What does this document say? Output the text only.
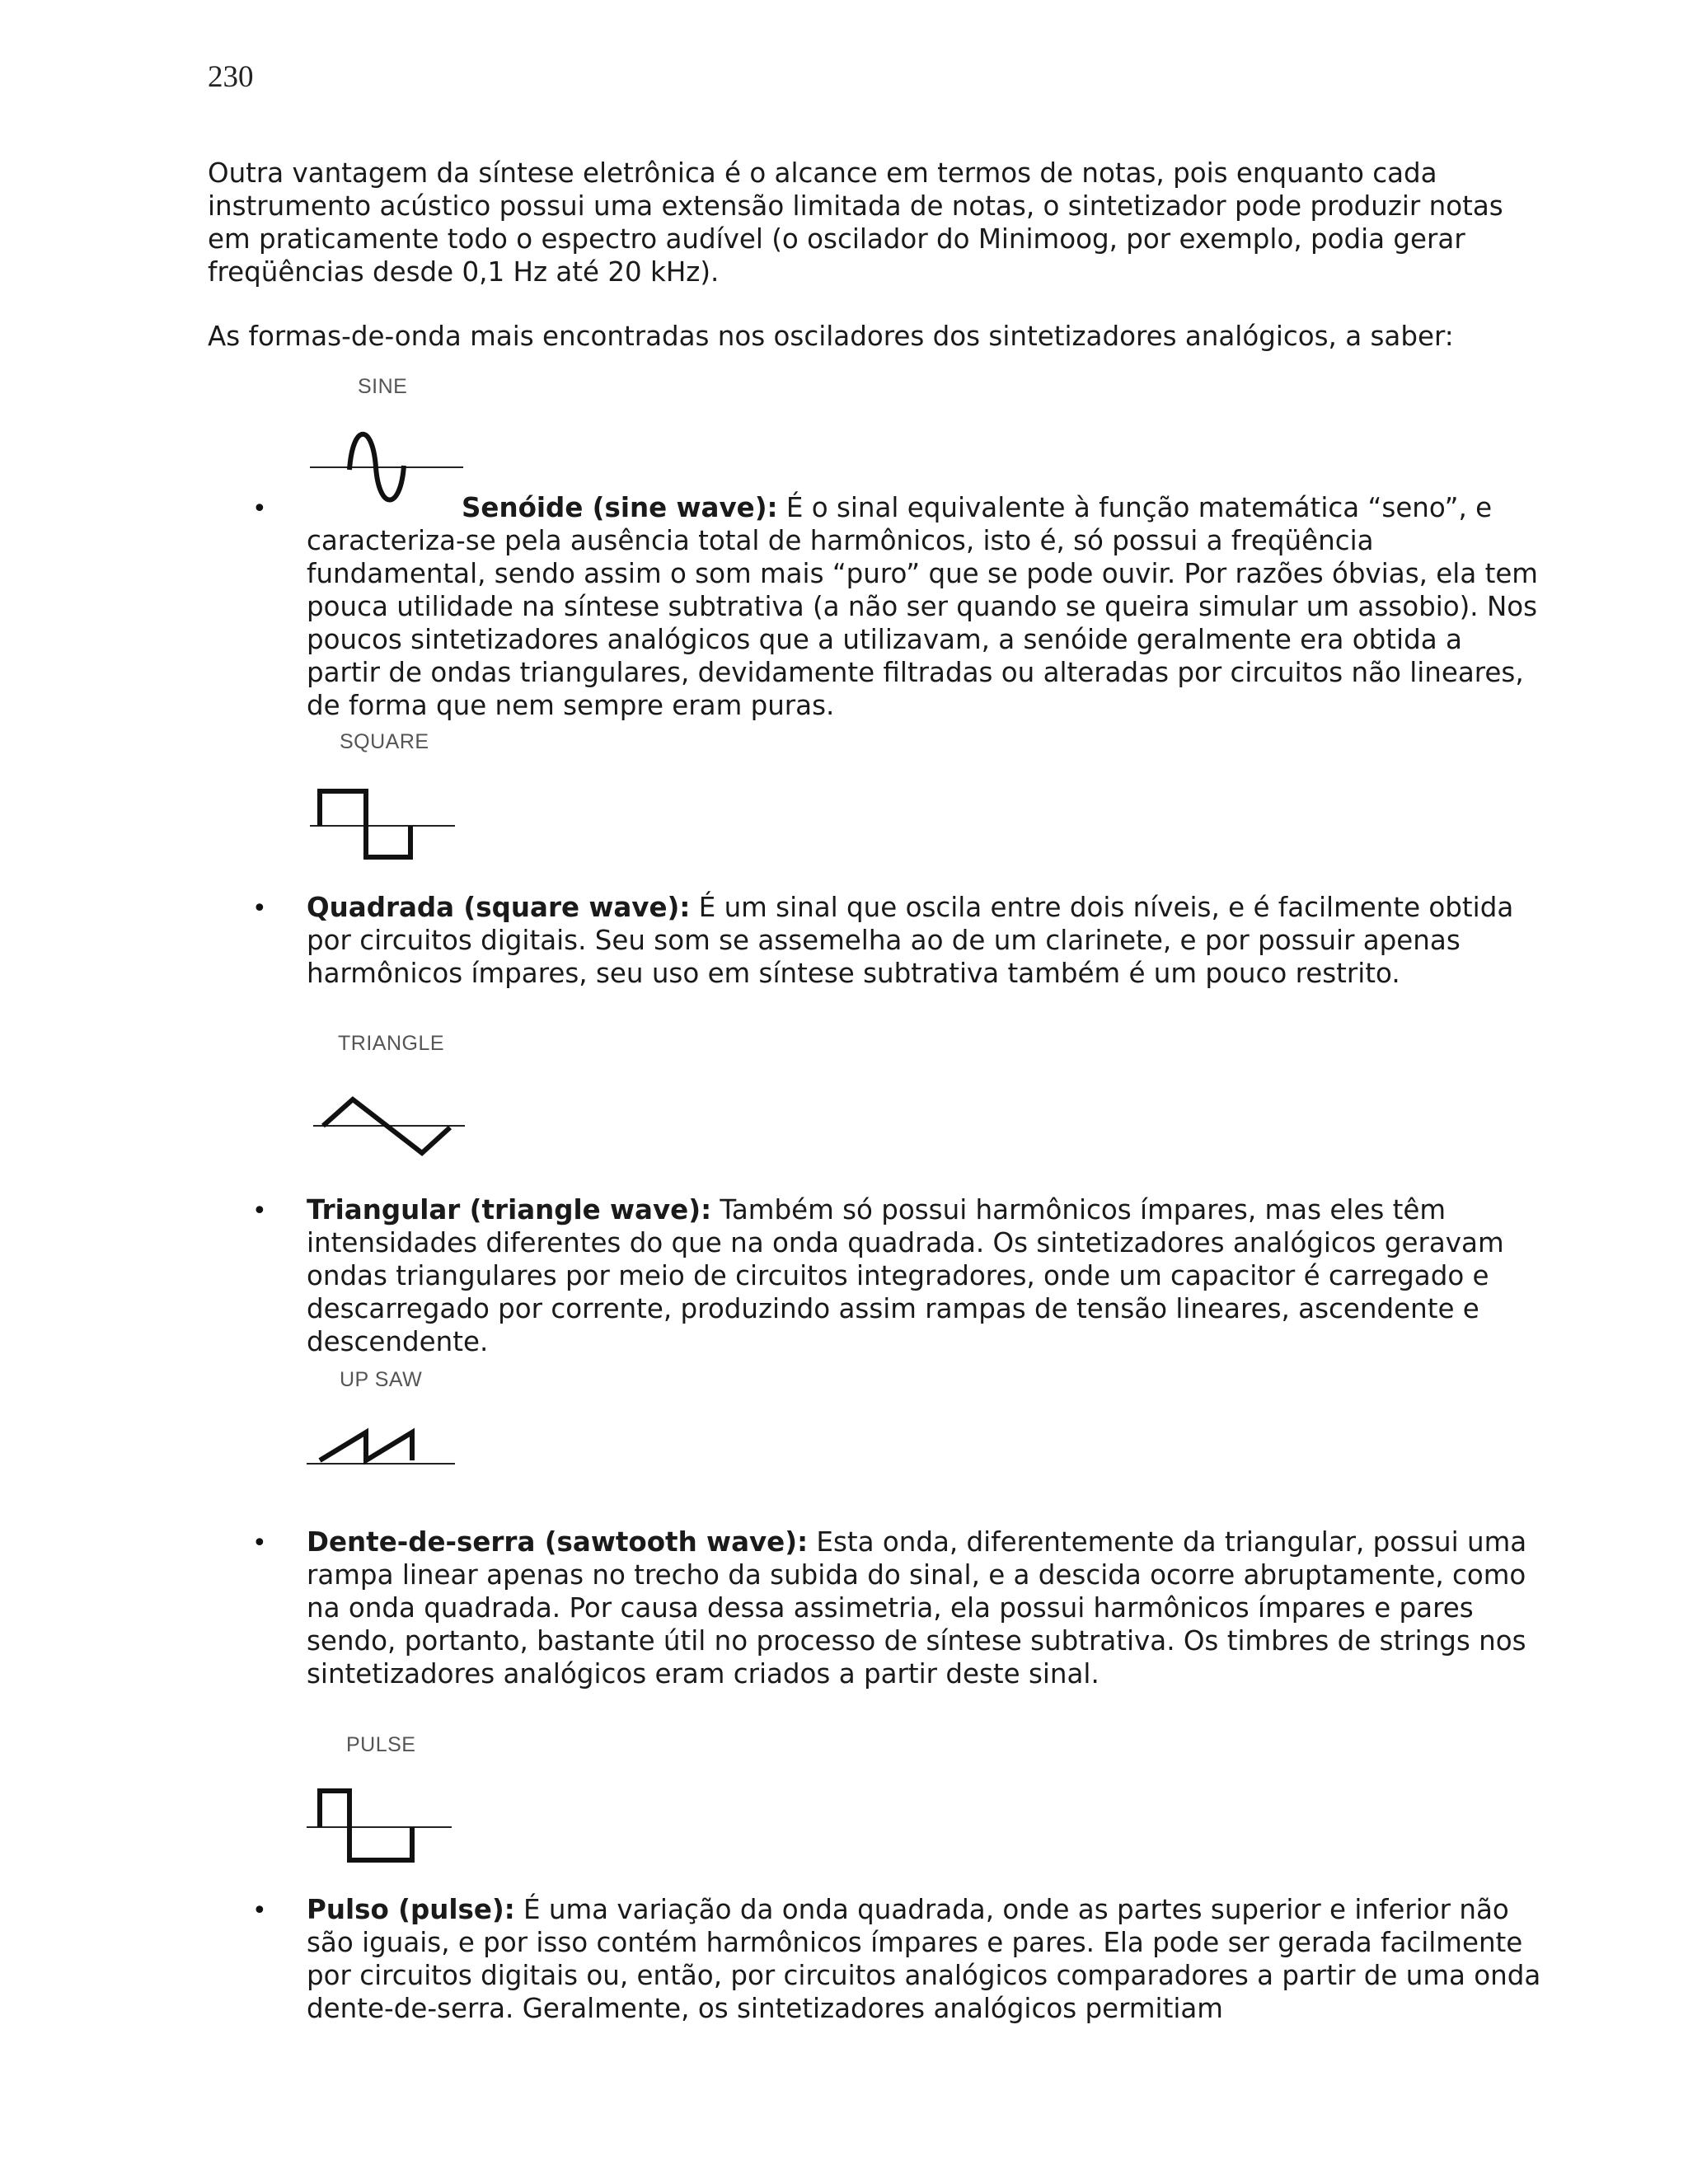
230
Outra vantagem da síntese eletrônica é o alcance em termos de notas, pois enquanto cada instrumento acústico possui uma extensão limitada de notas, o sintetizador pode produzir notas em praticamente todo o espectro audível (o oscilador do Minimoog, por exemplo, podia gerar freqüências desde 0,1 Hz até 20 kHz).
As formas-de-onda mais encontradas nos osciladores dos sintetizadores analógicos, a saber:
SINE
•	Senóide (sine wave): É o sinal equivalente à função matemática “seno”, e caracteriza-se pela ausência total de harmônicos, isto é, só possui a freqüência fundamental, sendo assim o som mais “puro” que se pode ouvir. Por razões óbvias, ela tem pouca utilidade na síntese subtrativa (a não ser quando se queira simular um assobio). Nos poucos sintetizadores analógicos que a utilizavam, a senóide geralmente era obtida a partir de ondas triangulares, devidamente filtradas ou alteradas por circuitos não lineares, de forma que nem sempre eram puras.
SQUARE
• Quadrada (square wave): É um sinal que oscila entre dois níveis, e é facilmente obtida por circuitos digitais. Seu som se assemelha ao de um clarinete, e por possuir apenas harmônicos ímpares, seu uso em síntese subtrativa também é um pouco restrito.
TRIANGLE
• Triangular (triangle wave): Também só possui harmônicos ímpares, mas eles têm intensidades diferentes do que na onda quadrada. Os sintetizadores analógicos geravam ondas triangulares por meio de circuitos integradores, onde um capacitor é carregado e descarregado por corrente, produzindo assim rampas de tensão lineares, ascendente e descendente.
UP SAW
• Dente-de-serra (sawtooth wave): Esta onda, diferentemente da triangular, possui uma rampa linear apenas no trecho da subida do sinal, e a descida ocorre abruptamente, como na onda quadrada. Por causa dessa assimetria, ela possui harmônicos ímpares e pares sendo, portanto, bastante útil no processo de síntese subtrativa. Os timbres de strings nos sintetizadores analógicos eram criados a partir deste sinal.
PULSE
• Pulso (pulse): É uma variação da onda quadrada, onde as partes superior e inferior não são iguais, e por isso contém harmônicos ímpares e pares. Ela pode ser gerada facilmente por circuitos digitais ou, então, por circuitos analógicos comparadores a partir de uma onda dente-de-serra. Geralmente, os sintetizadores analógicos permitiam
